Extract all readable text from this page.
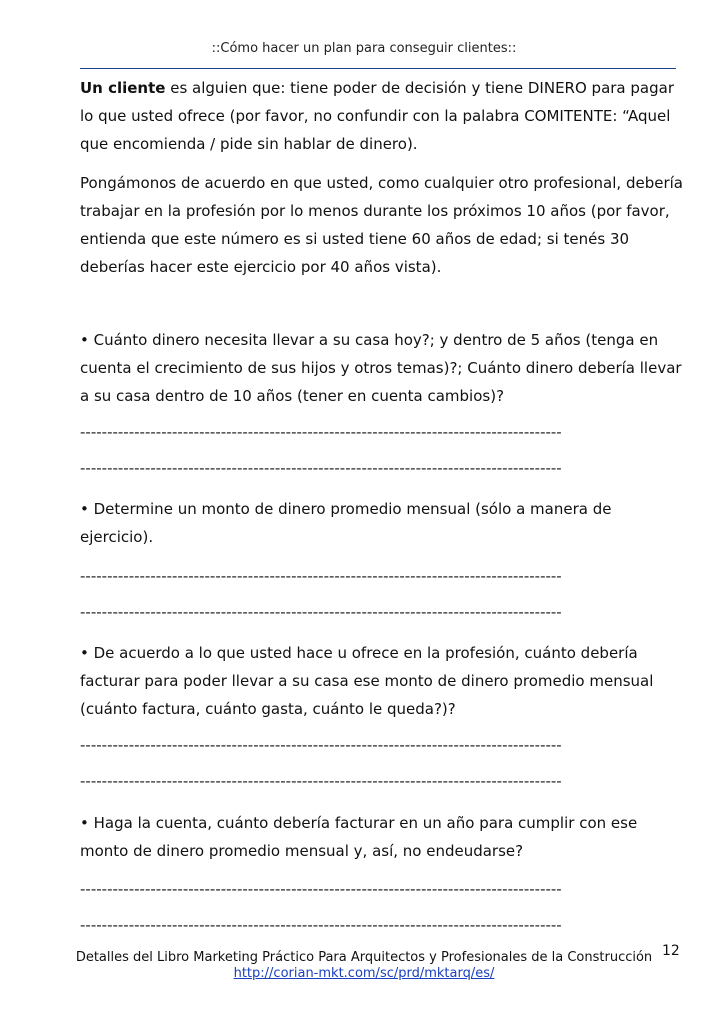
::Cómo hacer un plan para conseguir clientes::
Un cliente es alguien que: tiene poder de decisión y tiene DINERO para pagar
lo que usted ofrece (por favor, no confundir con la palabra COMITENTE: “Aquel
que encomienda / pide sin hablar de dinero).
Pongámonos de acuerdo en que usted, como cualquier otro profesional, debería
trabajar en la profesión por lo menos durante los próximos 10 años (por favor,
entienda que este número es si usted tiene 60 años de edad; si tenés 30
deberías hacer este ejercicio por 40 años vista).
• Cuánto dinero necesita llevar a su casa hoy?; y dentro de 5 años (tenga en
cuenta el crecimiento de sus hijos y otros temas)?; Cuánto dinero debería llevar
a su casa dentro de 10 años (tener en cuenta cambios)?
-----------------------------------------------------------------------------------------
-----------------------------------------------------------------------------------------
• Determine un monto de dinero promedio mensual (sólo a manera de
ejercicio).
-----------------------------------------------------------------------------------------
-----------------------------------------------------------------------------------------
• De acuerdo a lo que usted hace u ofrece en la profesión, cuánto debería
facturar para poder llevar a su casa ese monto de dinero promedio mensual
(cuánto factura, cuánto gasta, cuánto le queda?)?
-----------------------------------------------------------------------------------------
-----------------------------------------------------------------------------------------
• Haga la cuenta, cuánto debería facturar en un año para cumplir con ese
monto de dinero promedio mensual y, así, no endeudarse?
-----------------------------------------------------------------------------------------
-----------------------------------------------------------------------------------------
Detalles del Libro Marketing Práctico Para Arquitectos y Profesionales de la Construcción
http://corian-mkt.com/sc/prd/mktarq/es/
12
